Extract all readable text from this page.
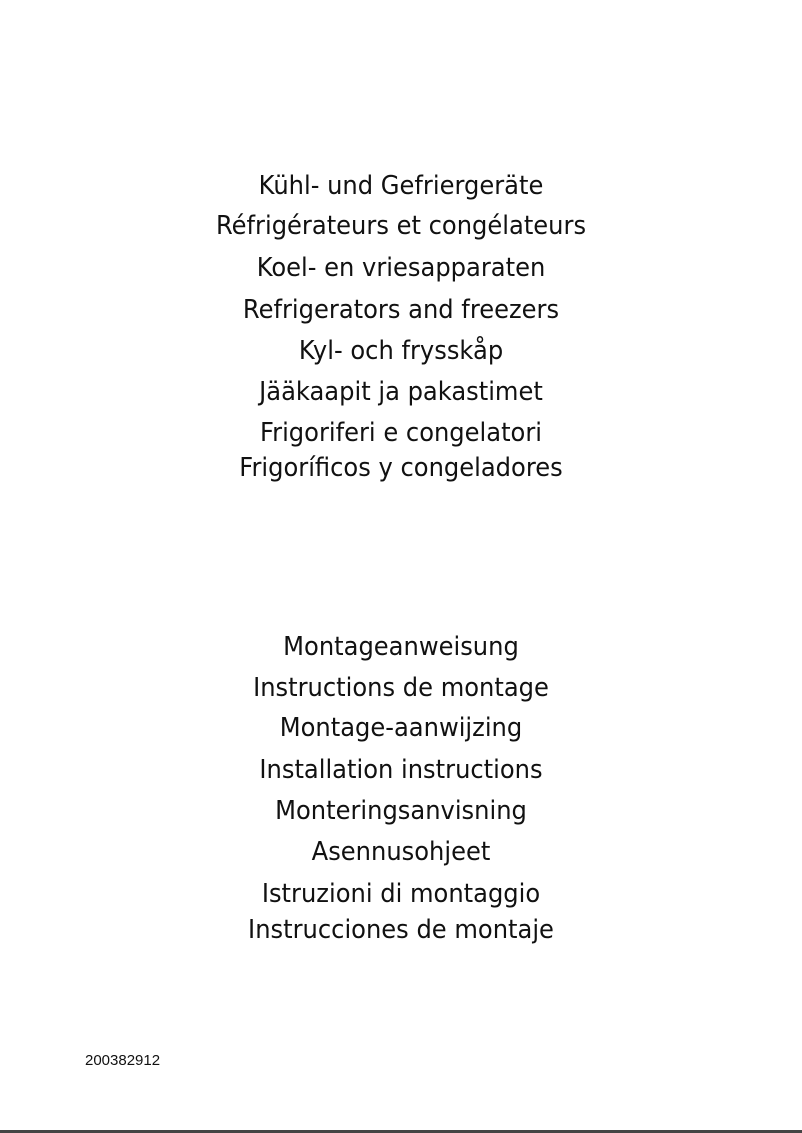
Kühl- und Gefriergeräte
Réfrigérateurs et congélateurs
Koel- en vriesapparaten
Refrigerators and freezers
Kyl- och frysskåp
Jääkaapit ja pakastimet
Frigoriferi e congelatori
Frigoríficos y congeladores
Montageanweisung
Instructions de montage
Montage-aanwijzing
Installation instructions
Monteringsanvisning
Asennusohjeet
Istruzioni di montaggio
Instrucciones de montaje
200382912
